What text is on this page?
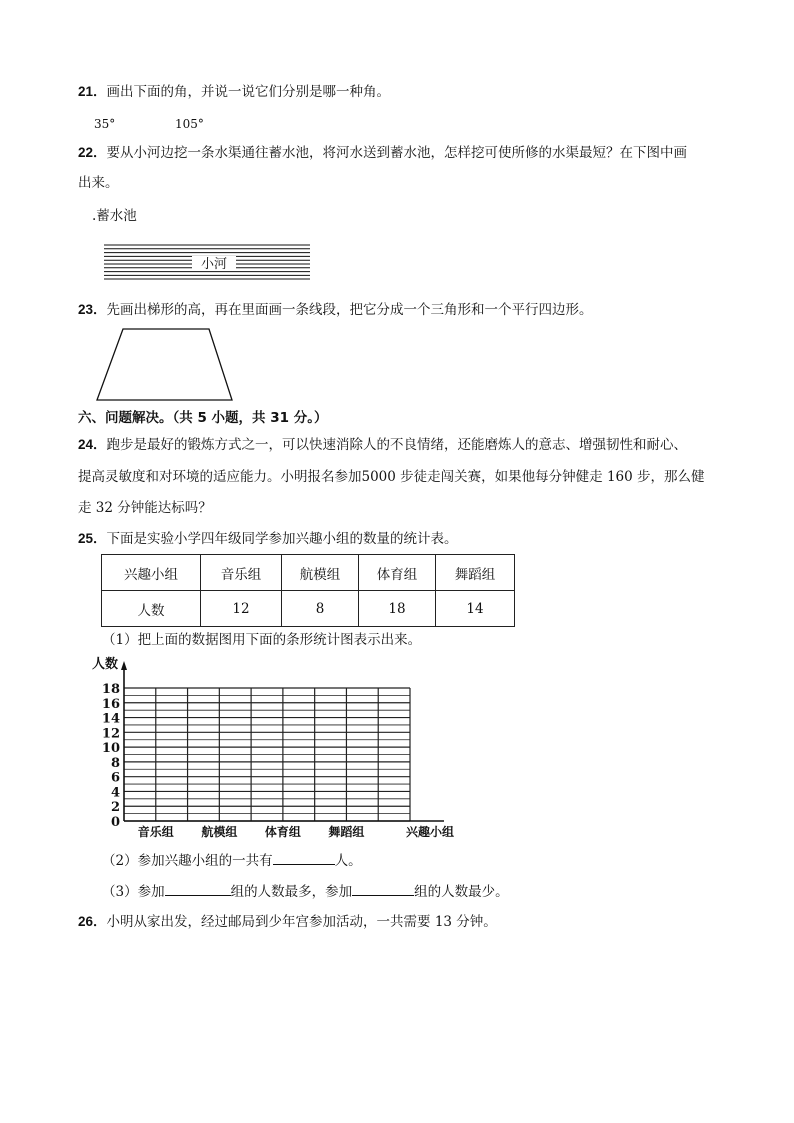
21．画出下面的角，并说一说它们分别是哪一种角。
35°	105°
22．要从小河边挖一条水渠通往蓄水池，将河水送到蓄水池，怎样挖可使所修的水渠最短？在下图中画
出来。
.蓄水池
小河
23．先画出梯形的高，再在里面画一条线段，把它分成一个三角形和一个平行四边形。
六、问题解决。（共 5 小题，共 31 分。）
24．跑步是最好的锻炼方式之一，可以快速消除人的不良情绪，还能磨炼人的意志、增强韧性和耐心、
提高灵敏度和对环境的适应能力。小明报名参加5000 步徒走闯关赛，如果他每分钟健走 160 步，那么健
走 32 分钟能达标吗？
25．下面是实验小学四年级同学参加兴趣小组的数量的统计表。
兴趣小组	音乐组	航模组	体育组	舞蹈组
人数	12	8	18	14
（1）把上面的数据图用下面的条形统计图表示出来。
人数
0
2
4
6
8
10
12
14
16
18
音乐组 航模组 体育组 舞蹈组	兴趣小组
（2）参加兴趣小组的一共有	人。
（3）参加	组的人数最多，参加	组的人数最少。
26．小明从家出发，经过邮局到少年宫参加活动，一共需要 13 分钟。
